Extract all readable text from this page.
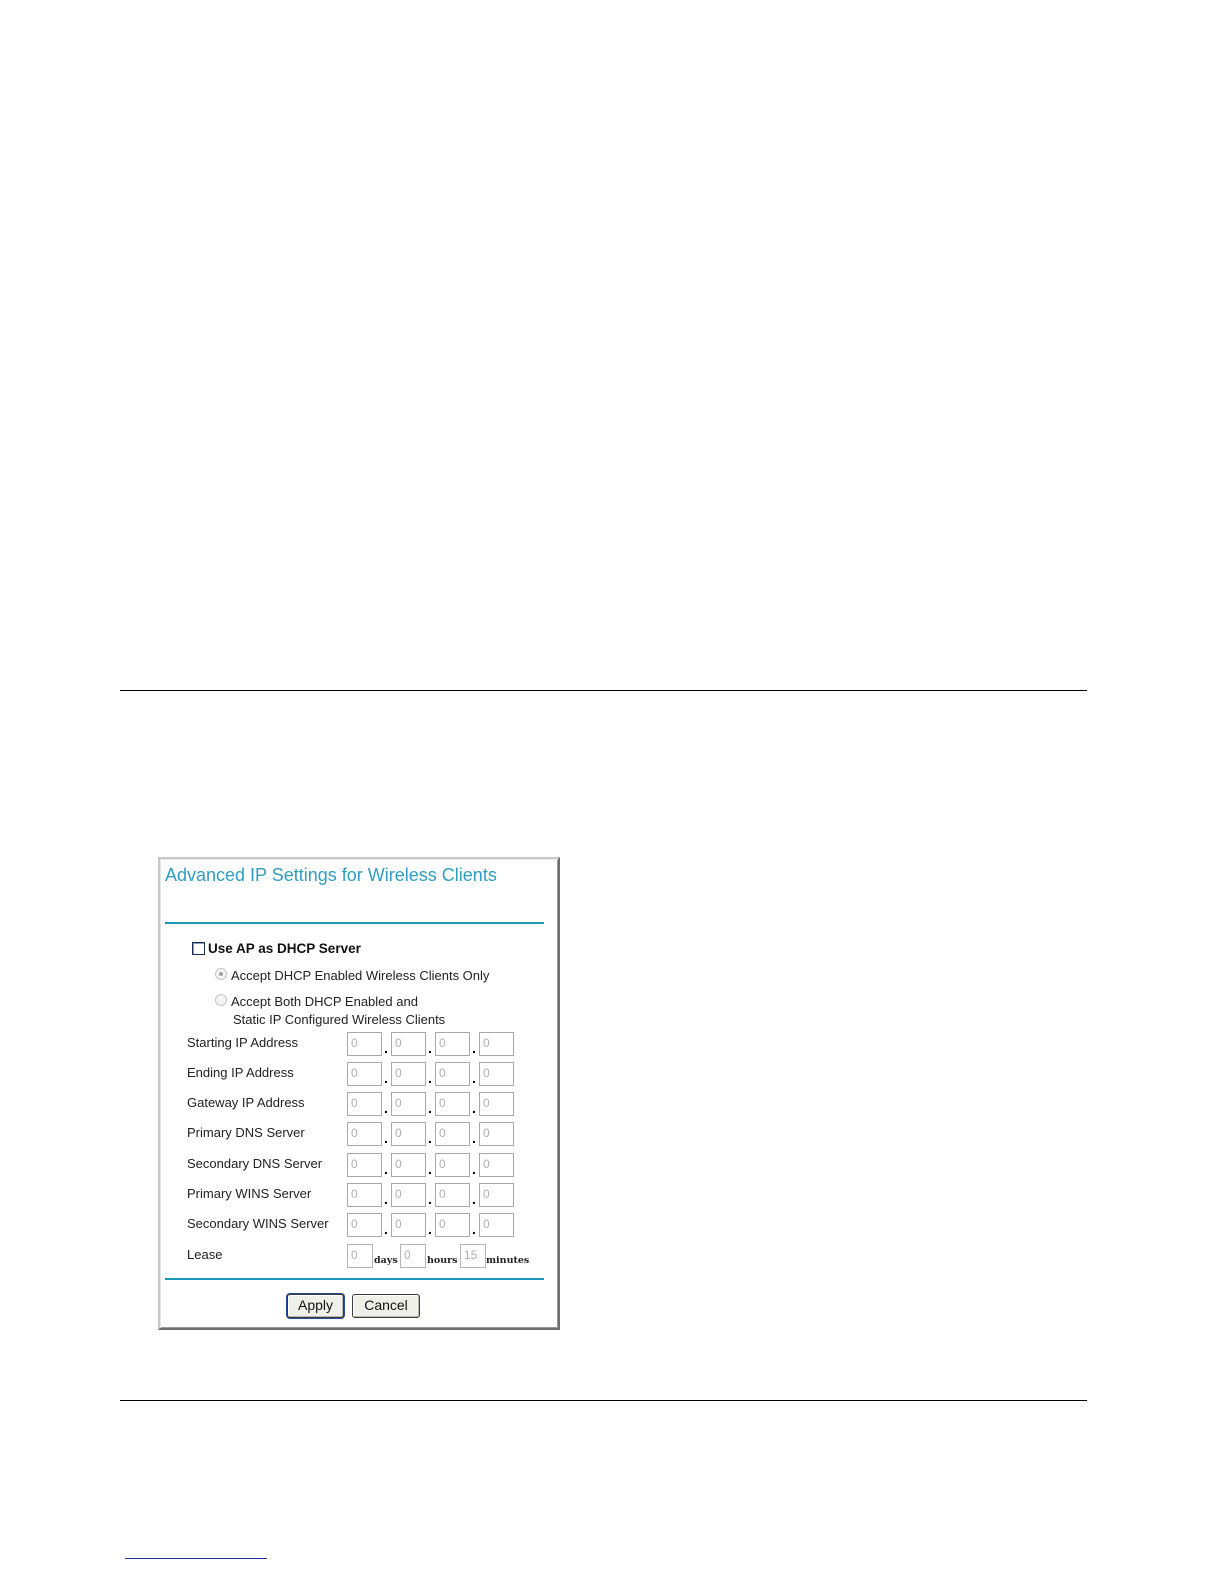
Advanced IP Settings for Wireless Clients
Use AP as DHCP Server
Accept DHCP Enabled Wireless Clients Only
Accept Both DHCP Enabled and
Static IP Configured Wireless Clients
Starting IP Address	0	. 0	. 0	. 0
Ending IP Address	0	. 0	. 0	. 0
Gateway IP Address	0	. 0	. 0	. 0
Primary DNS Server	0	. 0	. 0	. 0
Secondary DNS Server	0	. 0	. 0	. 0
Primary WINS Server	0	. 0	. 0	. 0
Secondary WINS Server	0	. 0	. 0	. 0
Lease	0	days 0	hours 15 minutes
Apply	Cancel
